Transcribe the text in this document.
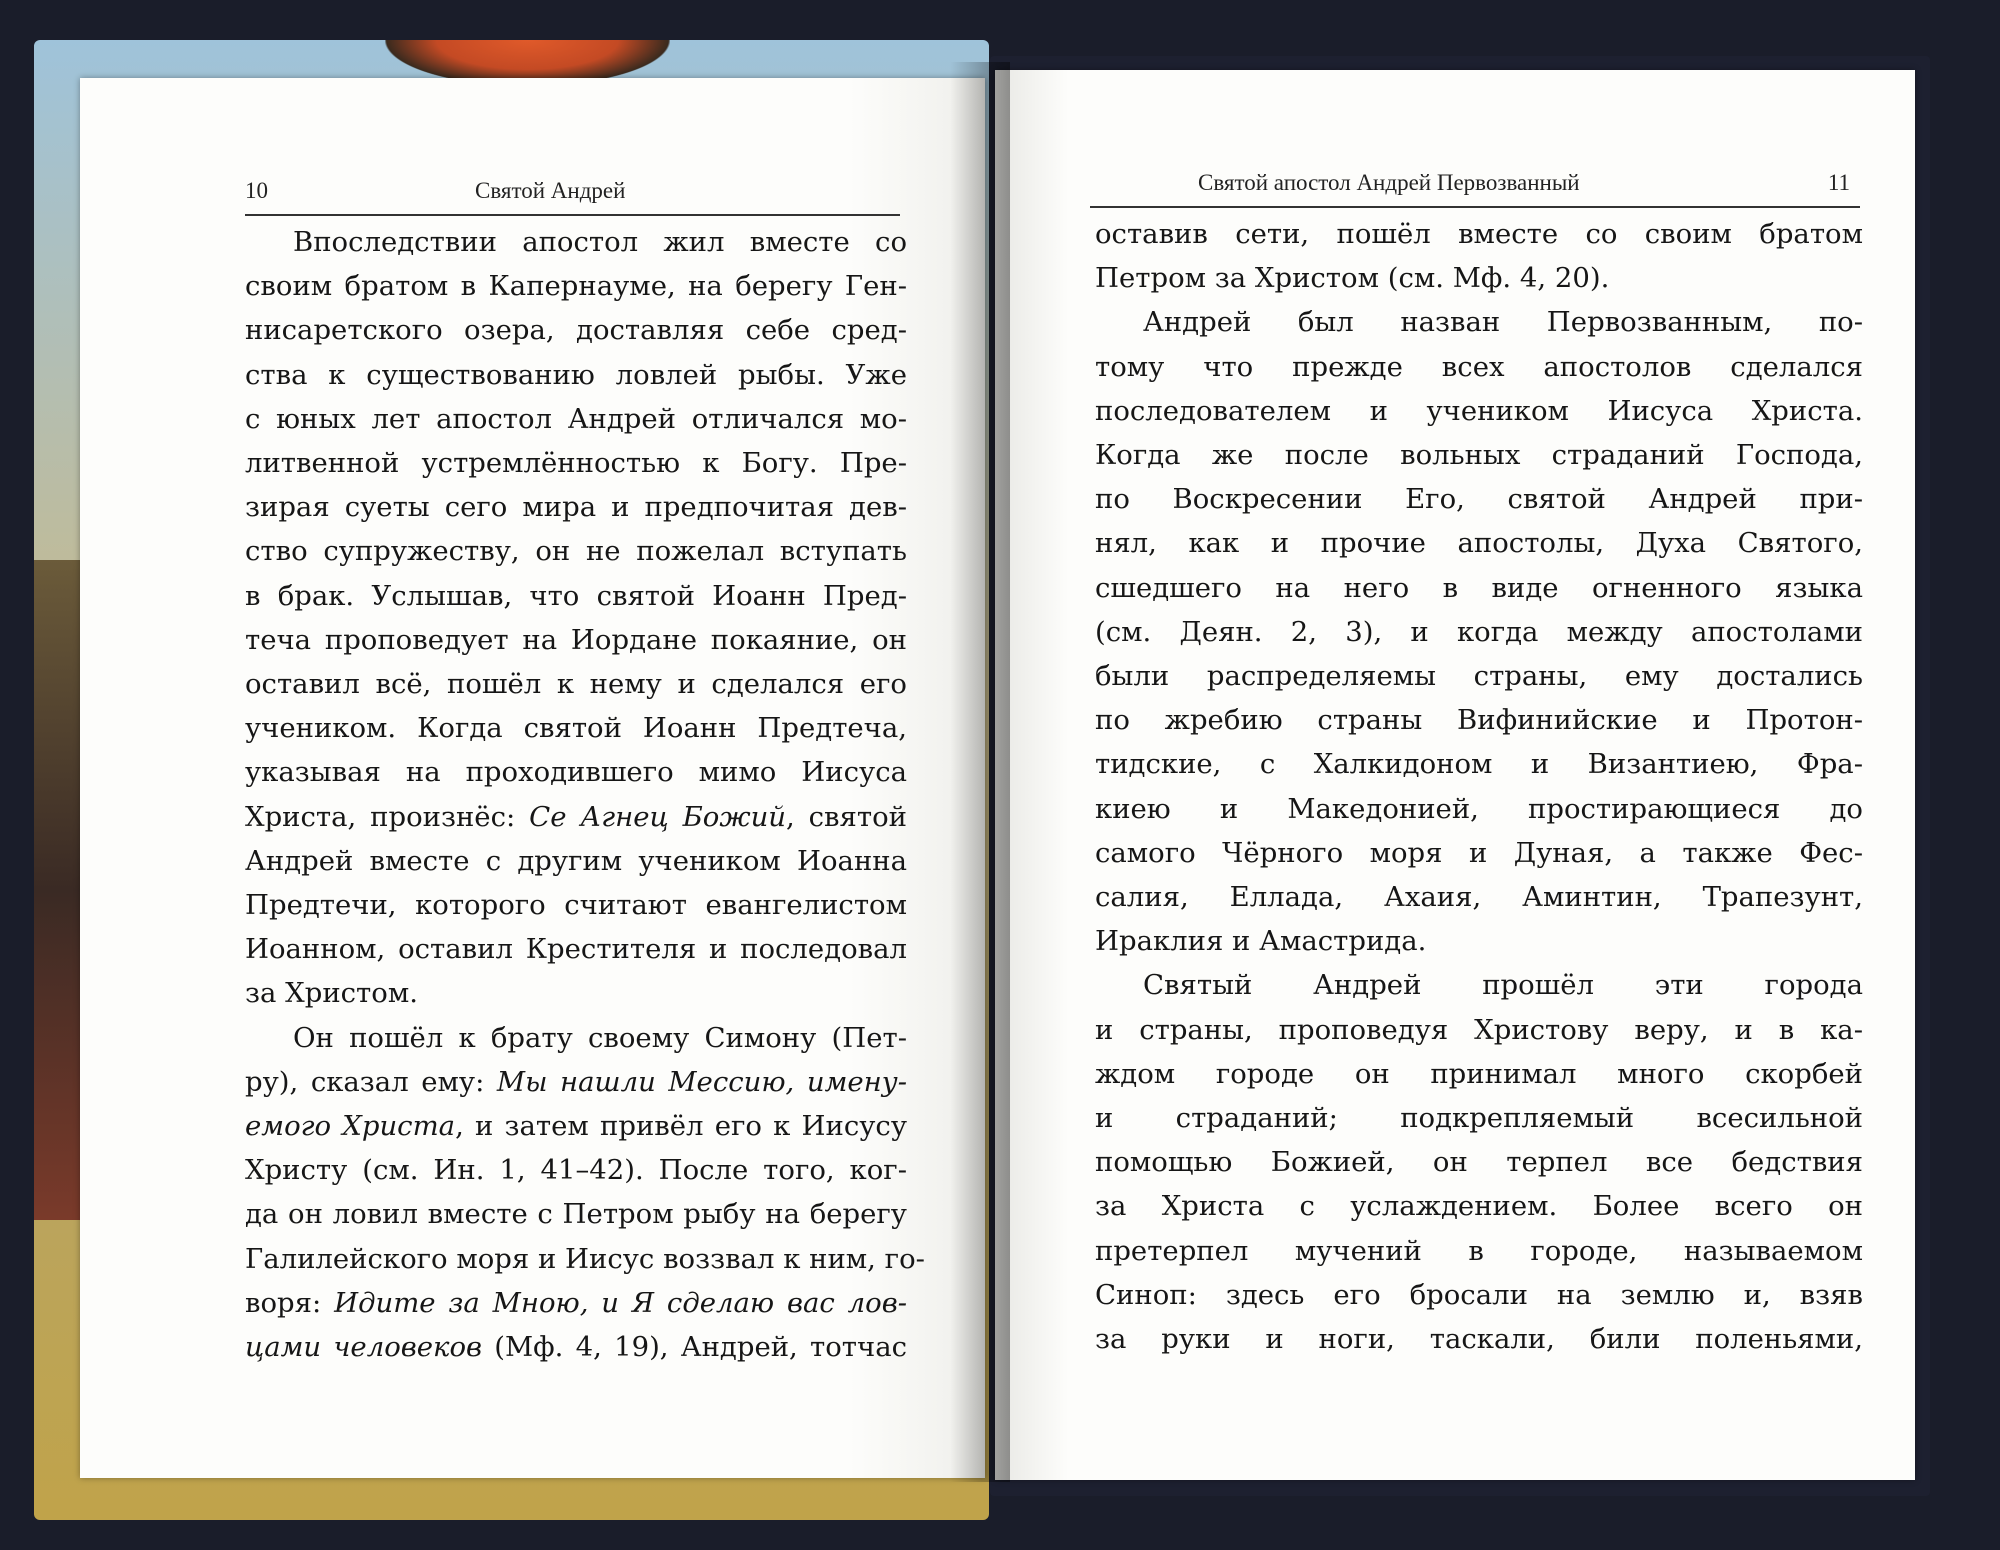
10	Святой Андрей
Впоследствии апостол жил вместе со
своим братом в Капернауме, на берегу Ген-
нисаретского озера, доставляя себе сред-
ства к существованию ловлей рыбы. Уже
с юных лет апостол Андрей отличался мо-
литвенной устремлённостью к Богу. Пре-
зирая суеты сего мира и предпочитая дев-
ство супружеству, он не пожелал вступать
в брак. Услышав, что святой Иоанн Пред-
теча проповедует на Иордане покаяние, он
оставил всё, пошёл к нему и сделался его
учеником. Когда святой Иоанн Предтеча,
указывая на проходившего мимо Иисуса
Христа, произнёс: Се Агнец Божий, святой
Андрей вместе с другим учеником Иоанна
Предтечи, которого считают евангелистом
Иоанном, оставил Крестителя и последовал
за Христом.
Он пошёл к брату своему Симону (Пет-
ру), сказал ему: Мы нашли Мессию, имену-
емого Христа, и затем привёл его к Иисусу
Христу (см. Ин. 1, 41–42). После того, ког-
да он ловил вместе с Петром рыбу на берегу
Галилейского моря и Иисус воззвал к ним, го-
воря: Идите за Мною, и Я сделаю вас лов-
цами человеков (Мф. 4, 19), Андрей, тотчас
Святой апостол Андрей Первозванный	11
оставив сети, пошёл вместе со своим братом
Петром за Христом (см. Мф. 4, 20).
Андрей был назван Первозванным, по-
тому что прежде всех апостолов сделался
последователем и учеником Иисуса Христа.
Когда же после вольных страданий Господа,
по Воскресении Его, святой Андрей при-
нял, как и прочие апостолы, Духа Святого,
сшедшего на него в виде огненного языка
(см. Деян. 2, 3), и когда между апостолами
были распределяемы страны, ему достались
по жребию страны Вифинийские и Протон-
тидские, с Халкидоном и Византиею, Фра-
киею и Македонией, простирающиеся до
самого Чёрного моря и Дуная, а также Фес-
салия, Еллада, Ахаия, Аминтин, Трапезунт,
Ираклия и Амастрида.
Святый Андрей прошёл эти города
и страны, проповедуя Христову веру, и в ка-
ждом городе он принимал много скорбей
и страданий; подкрепляемый всесильной
помощью Божией, он терпел все бедствия
за Христа с услаждением. Более всего он
претерпел мучений в городе, называемом
Синоп: здесь его бросали на землю и, взяв
за руки и ноги, таскали, били поленьями,
